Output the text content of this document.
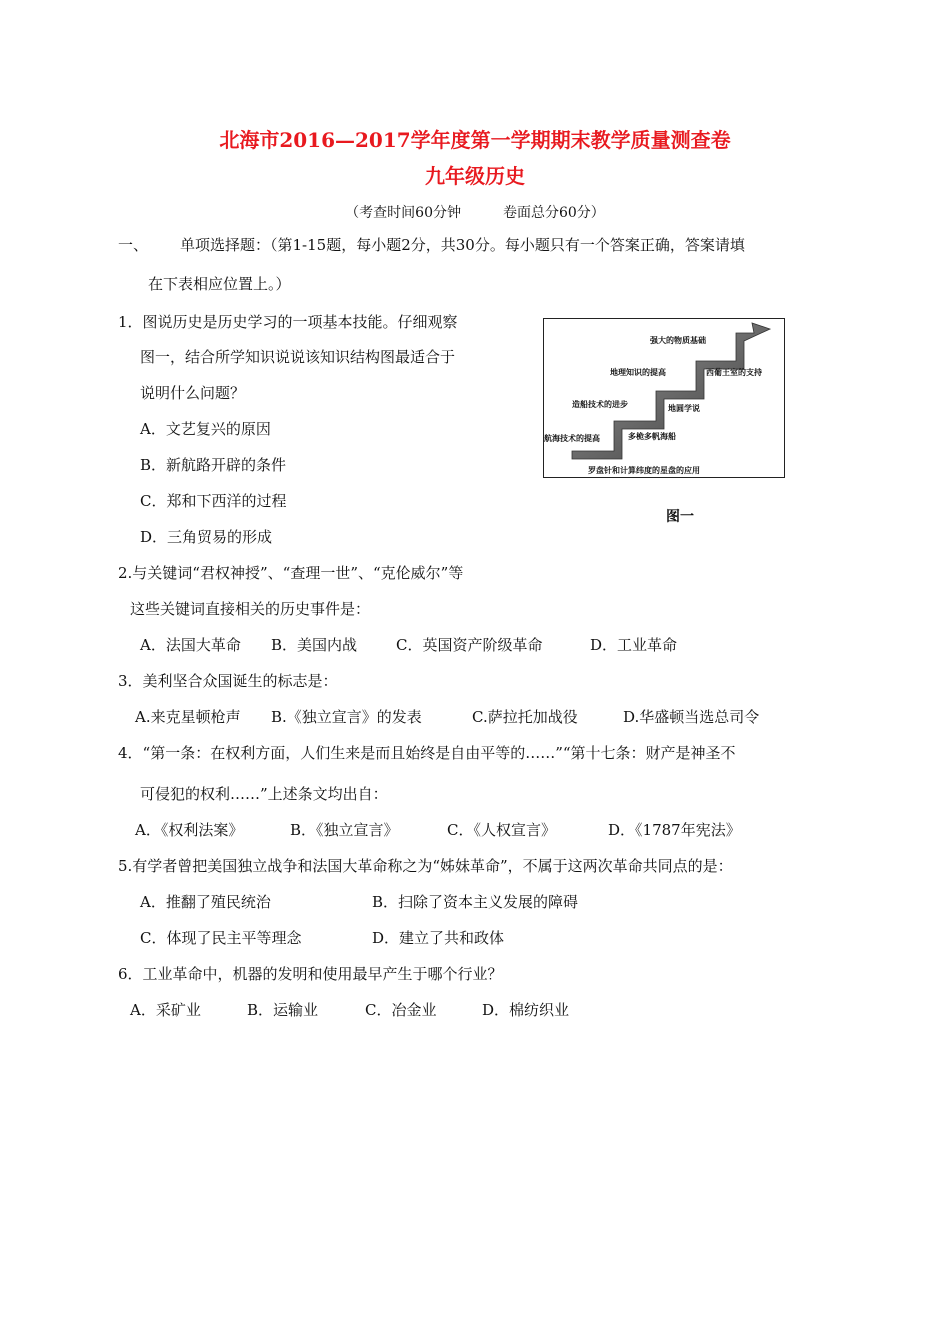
北海市2016—2017学年度第一学期期末教学质量测查卷
九年级历史
（考查时间60分钟　　　卷面总分60分）
一、 单项选择题：（第1-15题，每小题2分，共30分。每小题只有一个答案正确，答案请填
在下表相应位置上。）
1．图说历史是历史学习的一项基本技能。仔细观察
图一，结合所学知识说说该知识结构图最适合于
说明什么问题？
A．文艺复兴的原因
B．新航路开辟的条件
C．郑和下西洋的过程
D．三角贸易的形成
罗盘针和计算纬度的星盘的应用
航海技术的提高	多桅多帆海船
造船技术的进步	地圆学说
地理知识的提高	西葡王室的支持
强大的物质基础
图一
2.与关键词“君权神授”、“查理一世”、“克伦威尔”等
这些关键词直接相关的历史事件是：
A．法国大革命 B．美国内战	C．英国资产阶级革命	D．工业革命
3．美利坚合众国诞生的标志是：
A.来克星顿枪声 B.《独立宣言》的发表	C.萨拉托加战役	D.华盛顿当选总司令
4．“第一条：在权利方面，人们生来是而且始终是自由平等的……”“第十七条：财产是神圣不
可侵犯的权利……”上述条文均出自：
A．《权利法案》	B．《独立宣言》	C．《人权宣言》	D．《1787年宪法》
5.有学者曾把美国独立战争和法国大革命称之为“姊妹革命”，不属于这两次革命共同点的是：
A．推翻了殖民统治	B．扫除了资本主义发展的障碍
C．体现了民主平等理念	D．建立了共和政体
6．工业革命中，机器的发明和使用最早产生于哪个行业？
A．采矿业	B．运输业	C．冶金业	D．棉纺织业
